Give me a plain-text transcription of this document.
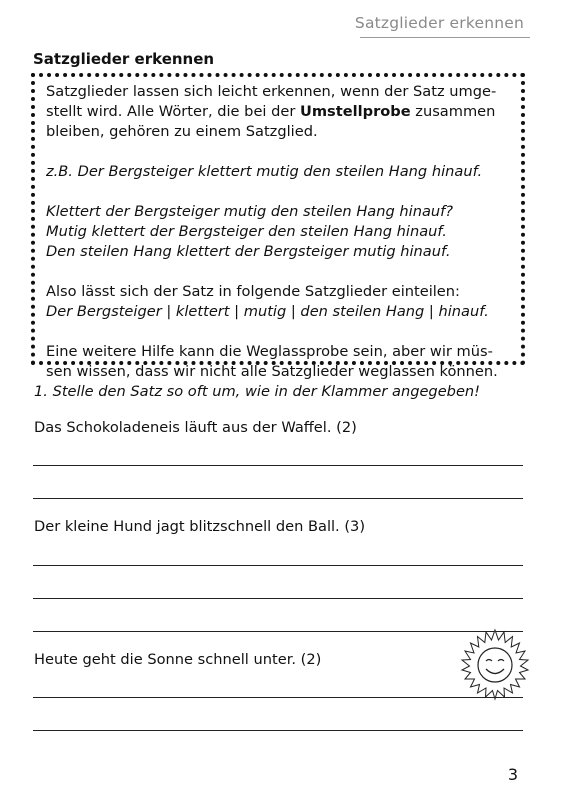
Satzglieder erkennen
Satzglieder erkennen

Satzglieder lassen sich leicht erkennen, wenn der Satz umge-

stellt wird. Alle Wörter, die bei der Umstellprobe zusammen

bleiben, gehören zu einem Satzglied.

z.B. Der Bergsteiger klettert mutig den steilen Hang hinauf.

Klettert der Bergsteiger mutig den steilen Hang hinauf?

Mutig klettert der Bergsteiger den steilen Hang hinauf.

Den steilen Hang klettert der Bergsteiger mutig hinauf.

Also lässt sich der Satz in folgende Satzglieder einteilen:

Der Bergsteiger | klettert | mutig | den steilen Hang | hinauf.

Eine weitere Hilfe kann die Weglassprobe sein, aber wir müs-

sen wissen, dass wir nicht alle Satzglieder weglassen können.

1. Stelle den Satz so oft um, wie in der Klammer angegeben!
Das Schokoladeneis läuft aus der Waffel. (2)
Der kleine Hund jagt blitzschnell den Ball. (3)
Heute geht die Sonne schnell unter. (2)
3
